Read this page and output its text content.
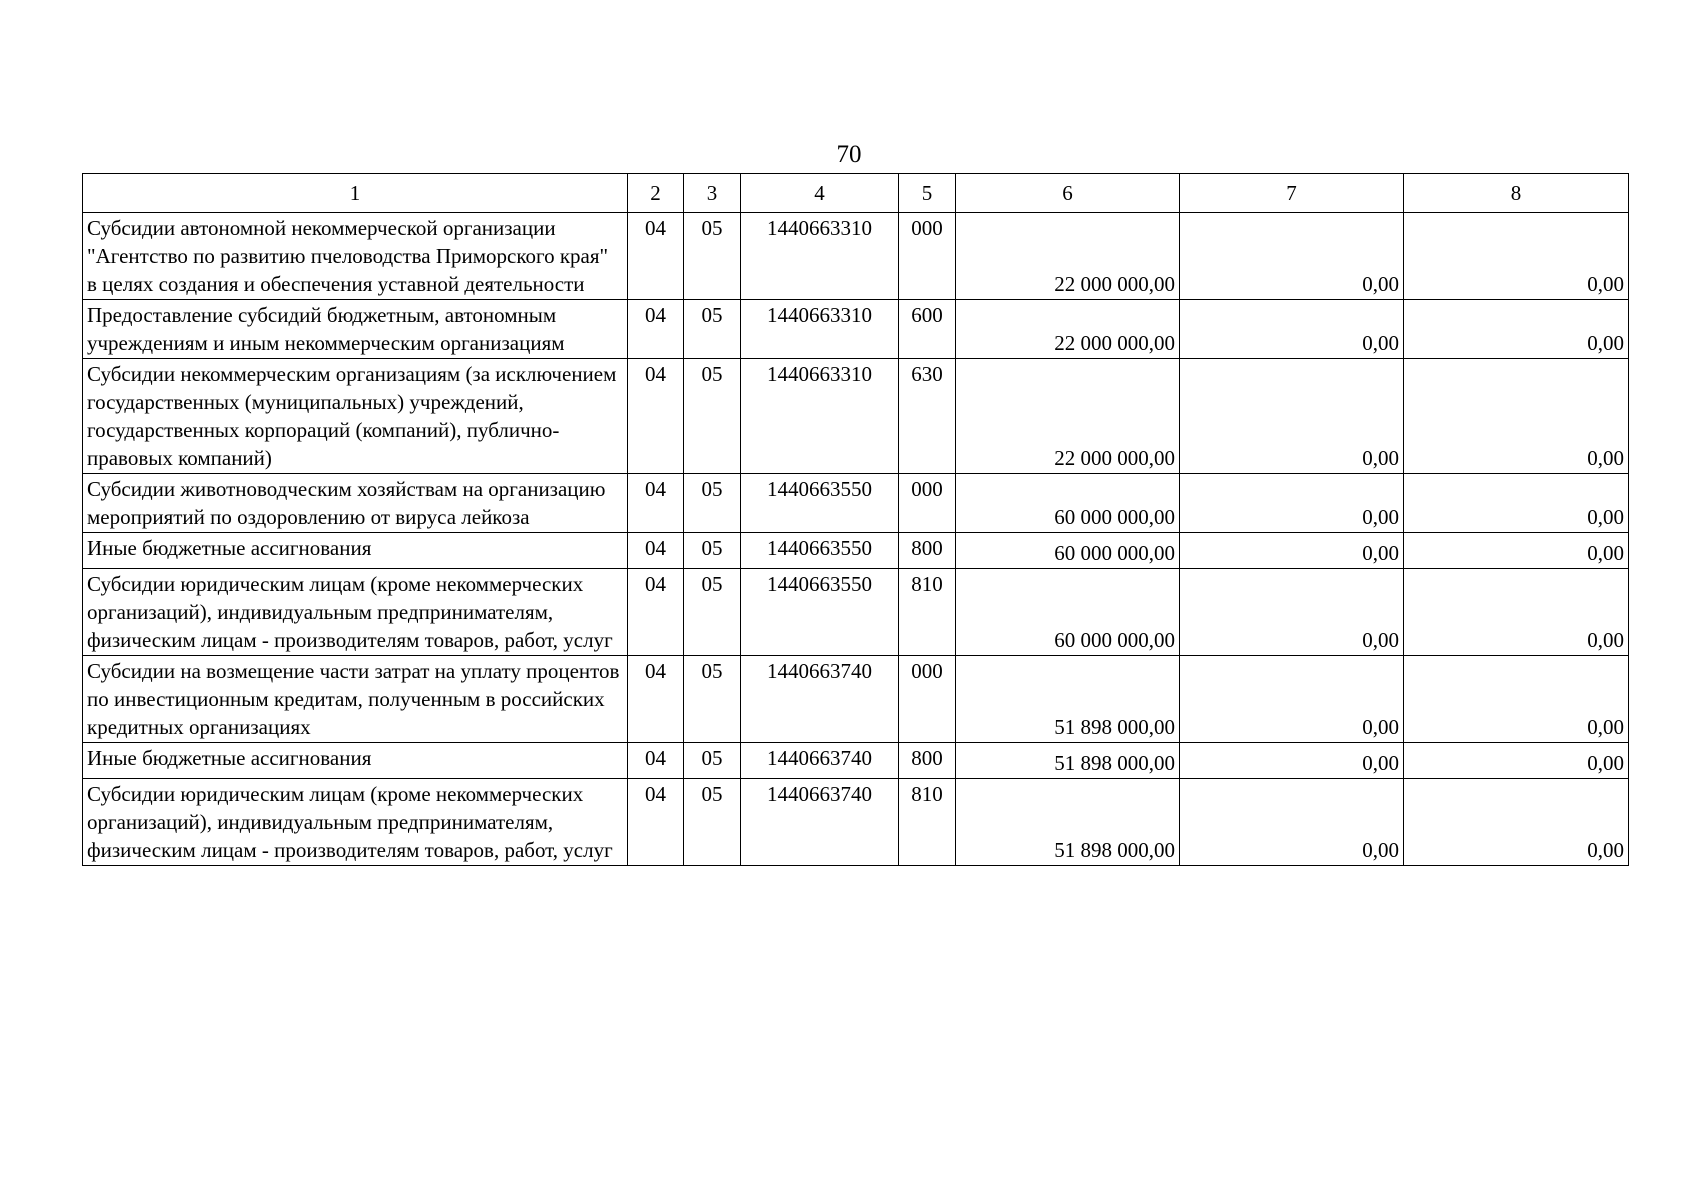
70
1	2	3	4	5	6	7	8
Субсидии автономной некоммерческой организации "Агентство по развитию пчеловодства Приморского края" в целях создания и обеспечения уставной деятельности	04	05	1440663310	000	22 000 000,00	0,00	0,00
Предоставление субсидий бюджетным, автономным учреждениям и иным некоммерческим организациям	04	05	1440663310	600	22 000 000,00	0,00	0,00
Субсидии некоммерческим организациям (за исключением государственных (муниципальных) учреждений, государственных корпораций (компаний), публично-правовых компаний)	04	05	1440663310	630	22 000 000,00	0,00	0,00
Субсидии животноводческим хозяйствам на организацию мероприятий по оздоровлению от вируса лейкоза	04	05	1440663550	000	60 000 000,00	0,00	0,00
Иные бюджетные ассигнования	04	05	1440663550	800	60 000 000,00	0,00	0,00
Субсидии юридическим лицам (кроме некоммерческих организаций), индивидуальным предпринимателям, физическим лицам - производителям товаров, работ, услуг	04	05	1440663550	810	60 000 000,00	0,00	0,00
Субсидии на возмещение части затрат на уплату процентов по инвестиционным кредитам, полученным в российских кредитных организациях	04	05	1440663740	000	51 898 000,00	0,00	0,00
Иные бюджетные ассигнования	04	05	1440663740	800	51 898 000,00	0,00	0,00
Субсидии юридическим лицам (кроме некоммерческих организаций), индивидуальным предпринимателям, физическим лицам - производителям товаров, работ, услуг	04	05	1440663740	810	51 898 000,00	0,00	0,00
